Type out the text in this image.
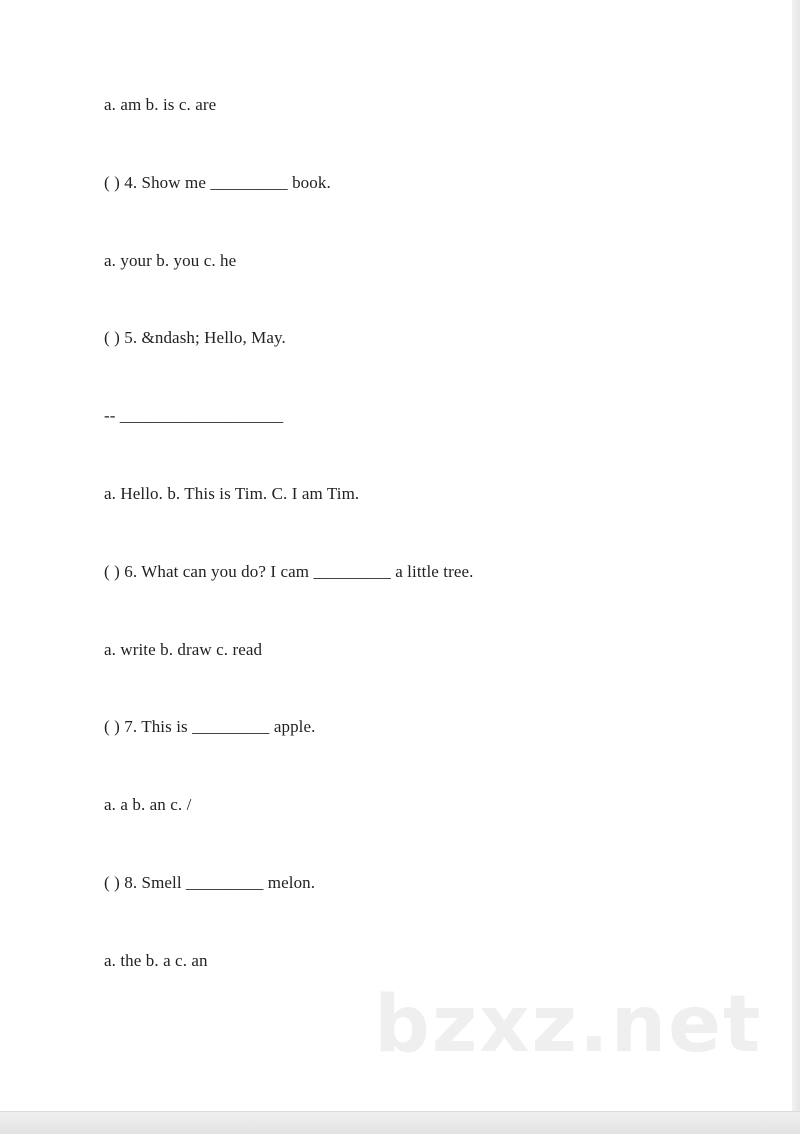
a. am b. is c. are
( ) 4. Show me _________ book.
a. your b. you c. he
( ) 5. &ndash; Hello, May.
-- ___________________
a. Hello. b. This is Tim. C. I am Tim.
( ) 6. What can you do? I cam _________ a little tree.
a. write b. draw c. read
( ) 7. This is _________ apple.
a. a b. an c. /
( ) 8. Smell _________ melon.
a. the b. a c. an
bzxz.net
